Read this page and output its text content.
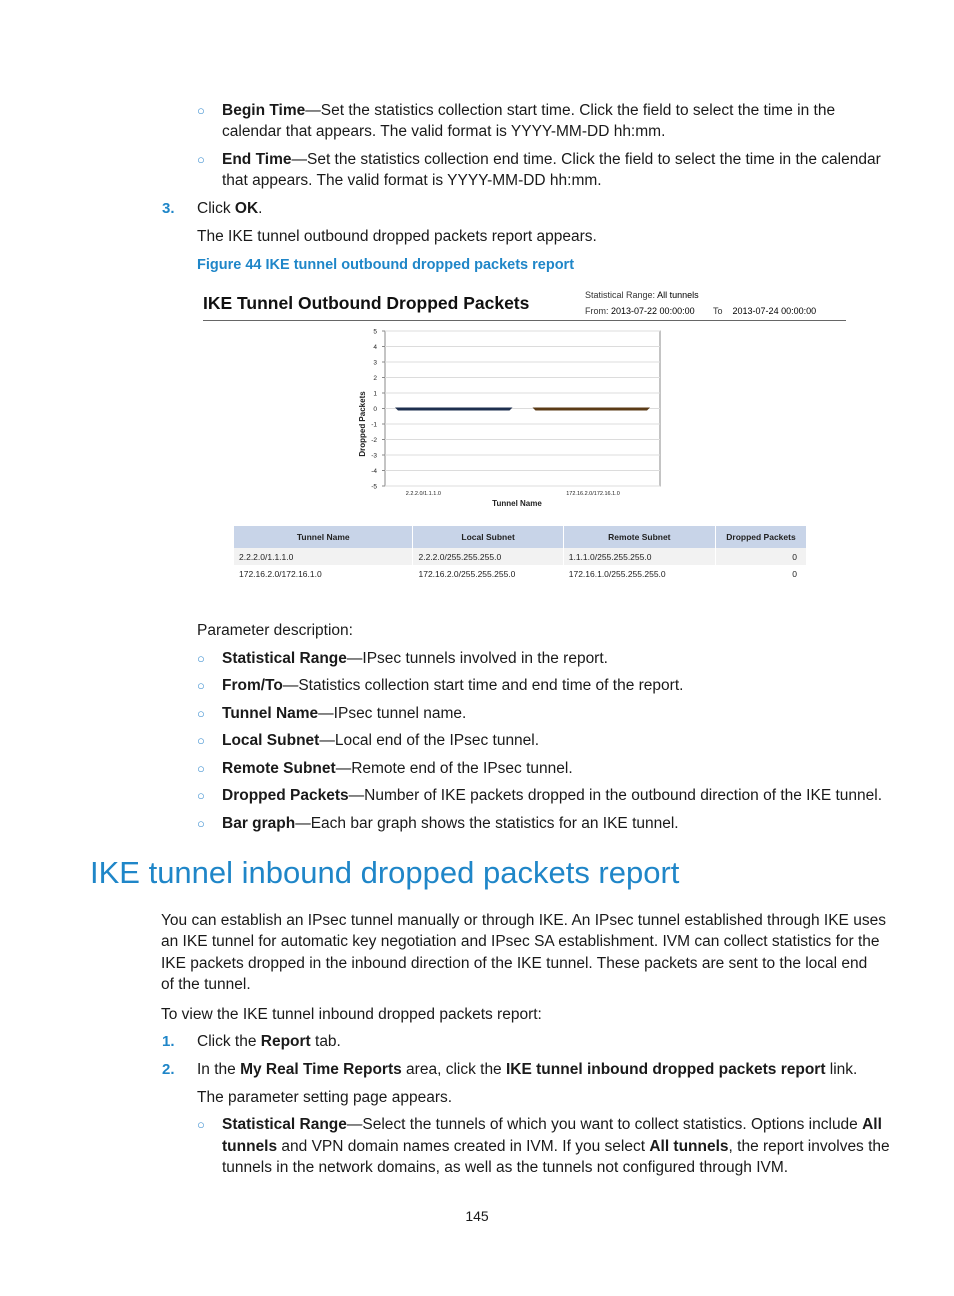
○ Begin Time—Set the statistics collection start time. Click the field to select the time in the
calendar that appears. The valid format is YYYY-MM-DD hh:mm.
○ End Time—Set the statistics collection end time. Click the field to select the time in the calendar
that appears. The valid format is YYYY-MM-DD hh:mm.
3. Click OK.
The IKE tunnel outbound dropped packets report appears.
Figure 44 IKE tunnel outbound dropped packets report
IKE Tunnel Outbound Dropped Packets	Statistical Range: All tunnels
From: 2013-07-22 00:00:00 To 2013-07-24 00:00:00
5
4
3
2
1
0
-1
-2
-3
-4
-5
2.2.2.0/1.1.1.0	172.16.2.0/172.16.1.0
Dropped Packets
Tunnel Name
Tunnel Name	Local Subnet	Remote Subnet	Dropped Packets
2.2.2.0/1.1.1.0	2.2.2.0/255.255.255.0	1.1.1.0/255.255.255.0	0
172.16.2.0/172.16.1.0	172.16.2.0/255.255.255.0	172.16.1.0/255.255.255.0	0
Parameter description:
○ Statistical Range—IPsec tunnels involved in the report.
○ From/To—Statistics collection start time and end time of the report.
○ Tunnel Name—IPsec tunnel name.
○ Local Subnet—Local end of the IPsec tunnel.
○ Remote Subnet—Remote end of the IPsec tunnel.
○ Dropped Packets—Number of IKE packets dropped in the outbound direction of the IKE tunnel.
○ Bar graph—Each bar graph shows the statistics for an IKE tunnel.
IKE tunnel inbound dropped packets report
You can establish an IPsec tunnel manually or through IKE. An IPsec tunnel established through IKE uses
an IKE tunnel for automatic key negotiation and IPsec SA establishment. IVM can collect statistics for the
IKE packets dropped in the inbound direction of the IKE tunnel. These packets are sent to the local end
of the tunnel.
To view the IKE tunnel inbound dropped packets report:
1. Click the Report tab.
2. In the My Real Time Reports area, click the IKE tunnel inbound dropped packets report link.
The parameter setting page appears.
○ Statistical Range—Select the tunnels of which you want to collect statistics. Options include All
tunnels and VPN domain names created in IVM. If you select All tunnels, the report involves the
tunnels in the network domains, as well as the tunnels not configured through IVM.
145
